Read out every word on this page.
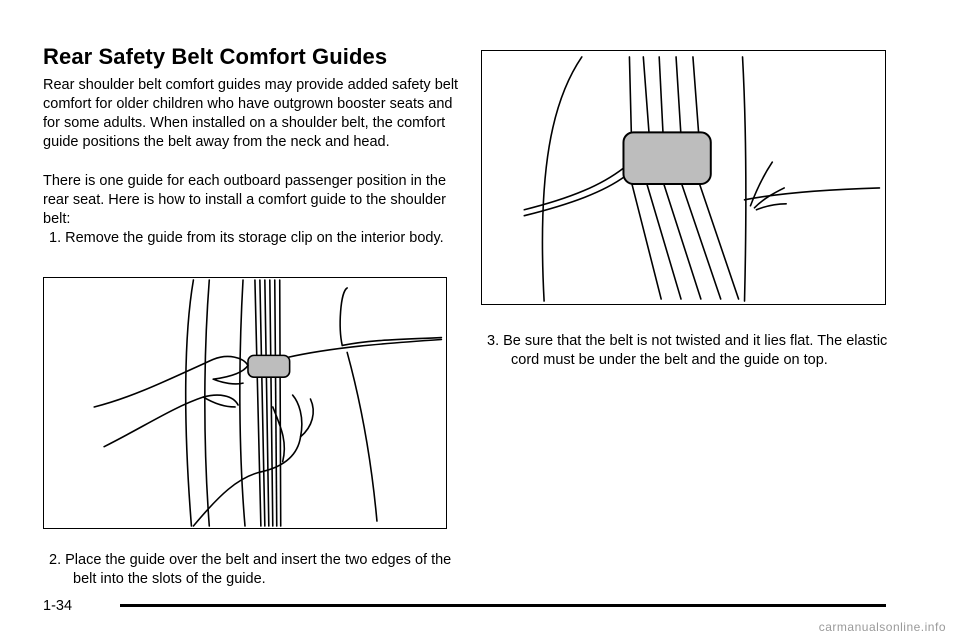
Rear Safety Belt Comfort Guides

Rear shoulder belt comfort guides may provide added safety belt comfort for older children who have outgrown booster seats and for some adults. When installed on a shoulder belt, the comfort guide positions the belt away from the neck and head.

There is one guide for each outboard passenger position in the rear seat. Here is how to install a comfort guide to the shoulder belt:

1. Remove the guide from its storage clip on the interior body.

2. Place the guide over the belt and insert the two edges of the belt into the slots of the guide.

3. Be sure that the belt is not twisted and it lies flat. The elastic cord must be under the belt and the guide on top.

1-34
carmanualsonline.info
